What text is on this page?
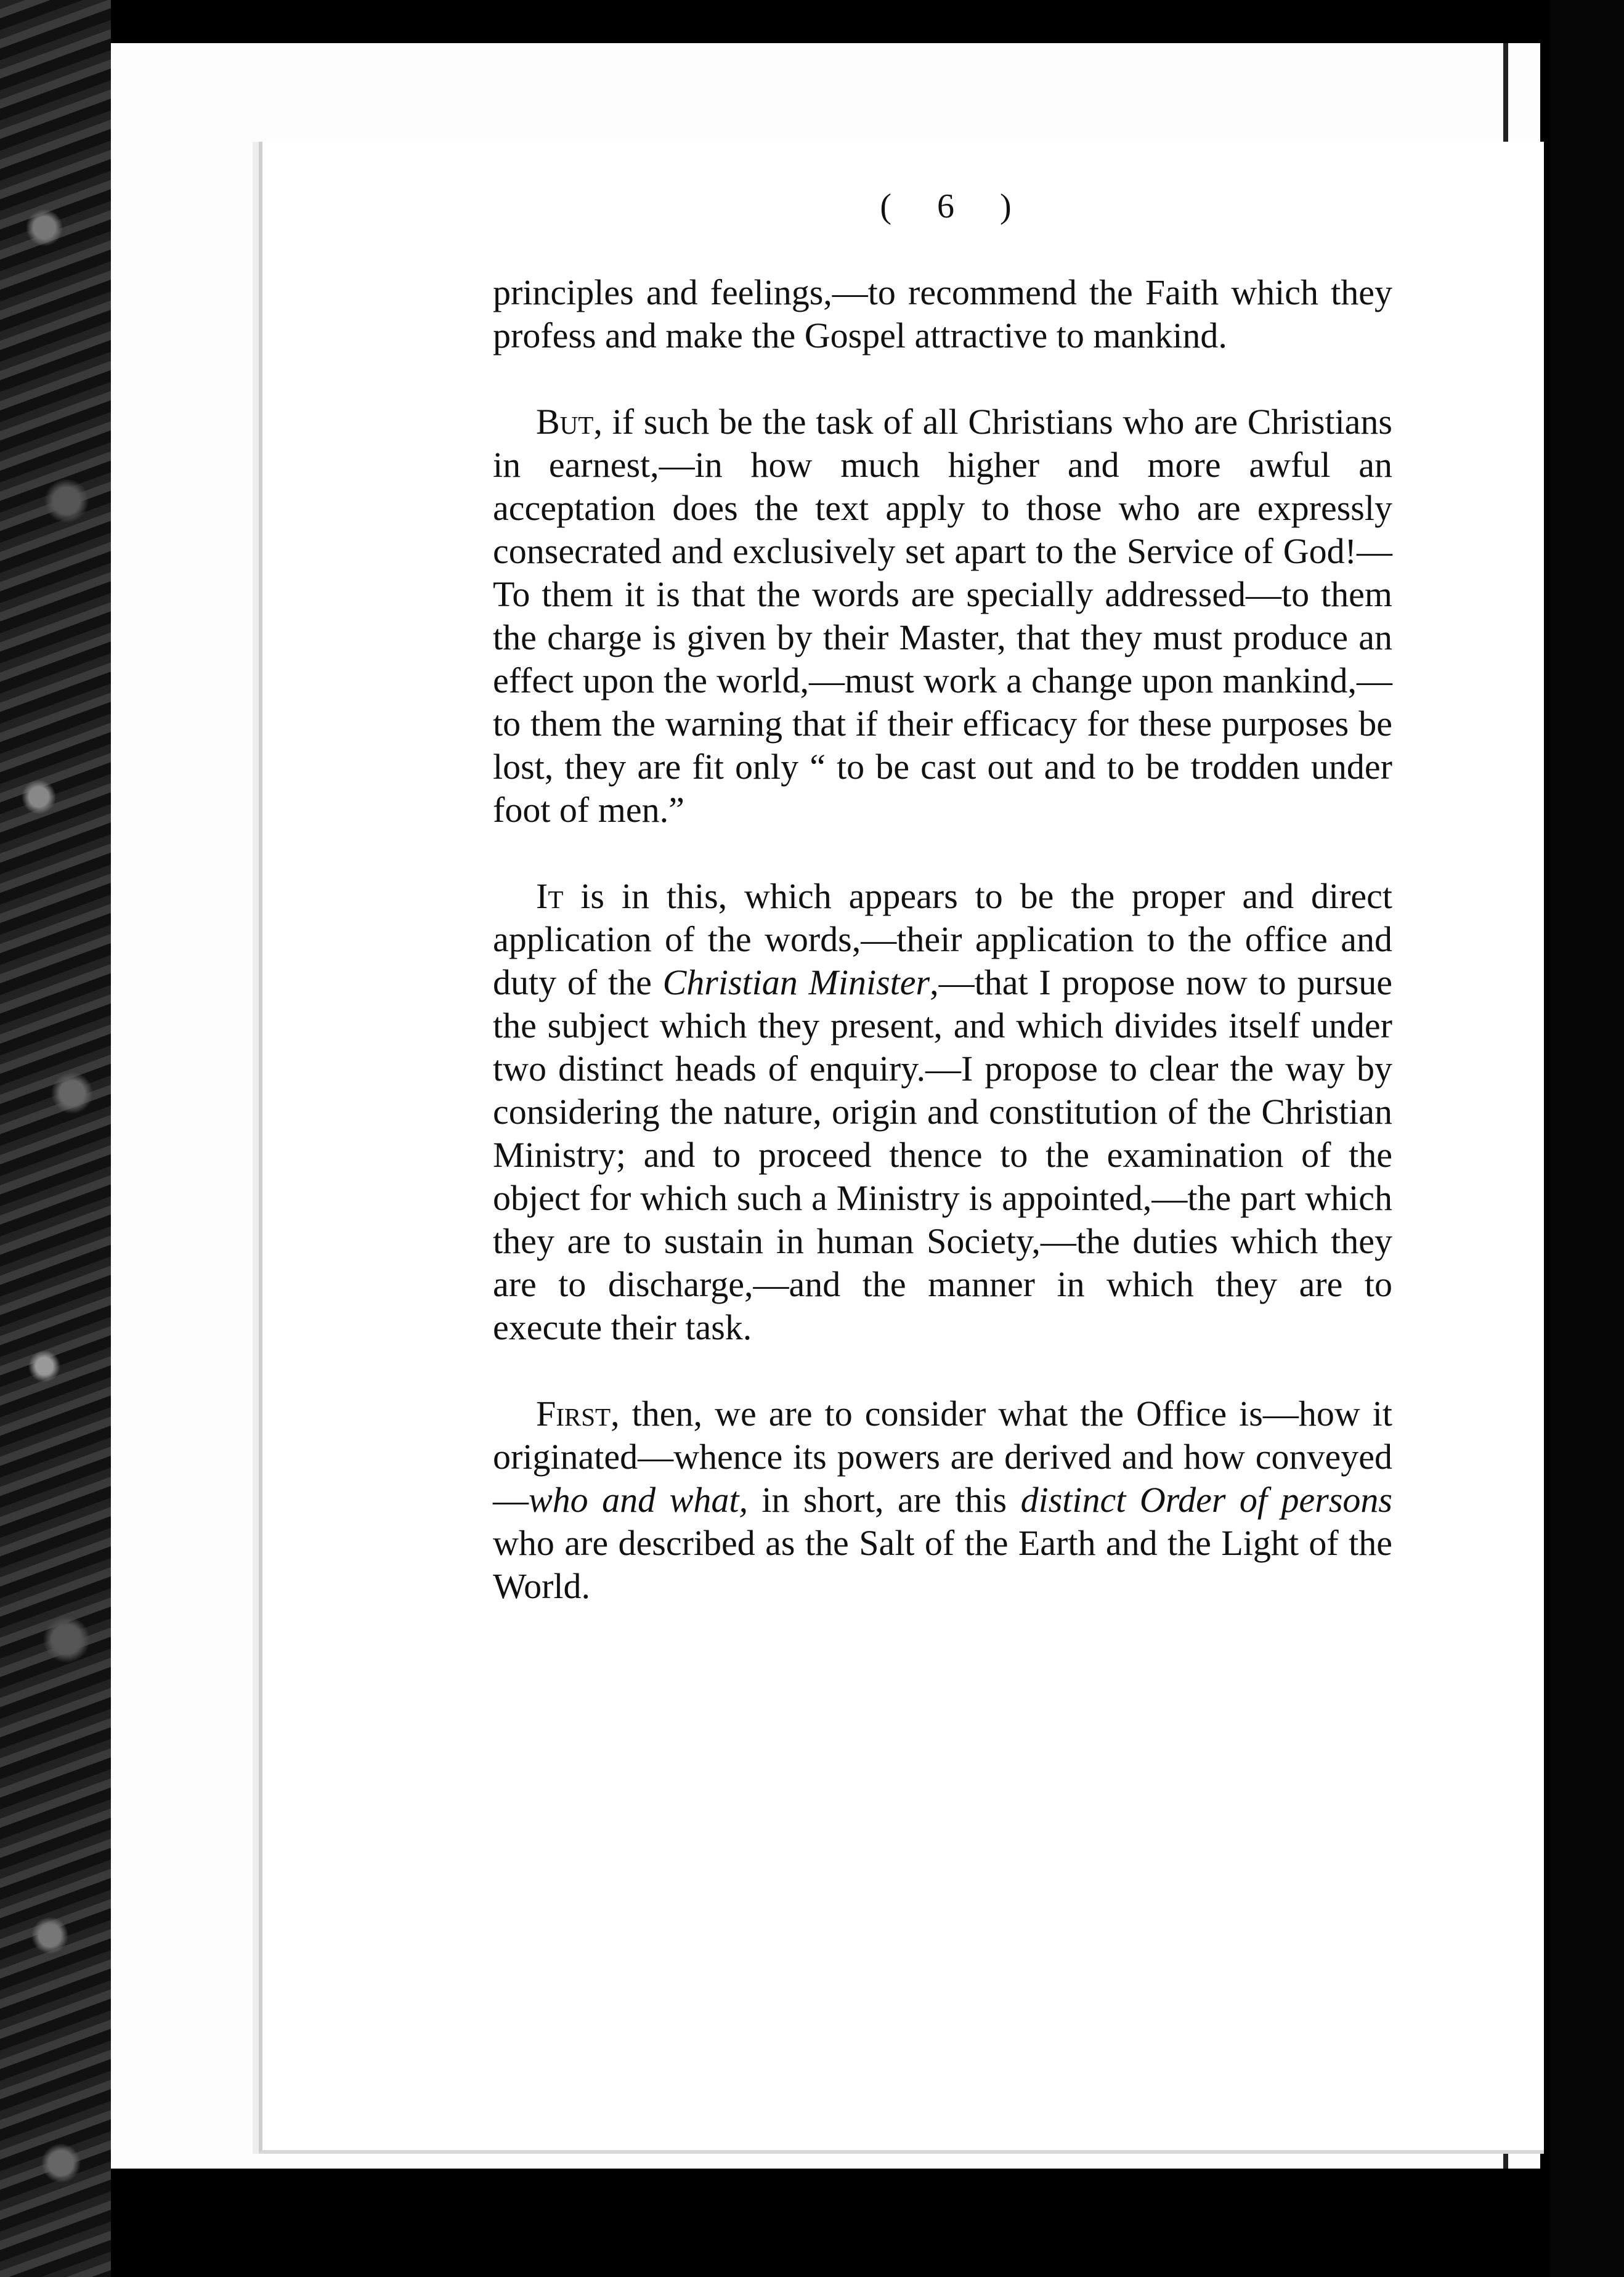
( 6 )

principles and feelings,—to recommend the Faith which they profess and make the Gospel attractive to mankind.

But, if such be the task of all Christians who are Christians in earnest,—in how much higher and more awful an acceptation does the text apply to those who are expressly consecrated and exclusively set apart to the Service of God!—To them it is that the words are specially addressed—to them the charge is given by their Master, that they must produce an effect upon the world,—must work a change upon mankind,—to them the warning that if their efficacy for these purposes be lost, they are fit only “ to be cast out and to be trodden under foot of men.”

It is in this, which appears to be the proper and direct application of the words,—their application to the office and duty of the Christian Minister,—that I propose now to pursue the subject which they present, and which divides itself under two distinct heads of enquiry.—I propose to clear the way by considering the nature, origin and constitution of the Christian Ministry; and to proceed thence to the examination of the object for which such a Ministry is appointed,—the part which they are to sustain in human Society,—the duties which they are to discharge,—and the manner in which they are to execute their task.

First, then, we are to consider what the Office is—how it originated—whence its powers are derived and how conveyed—who and what, in short, are this distinct Order of persons who are described as the Salt of the Earth and the Light of the World.
